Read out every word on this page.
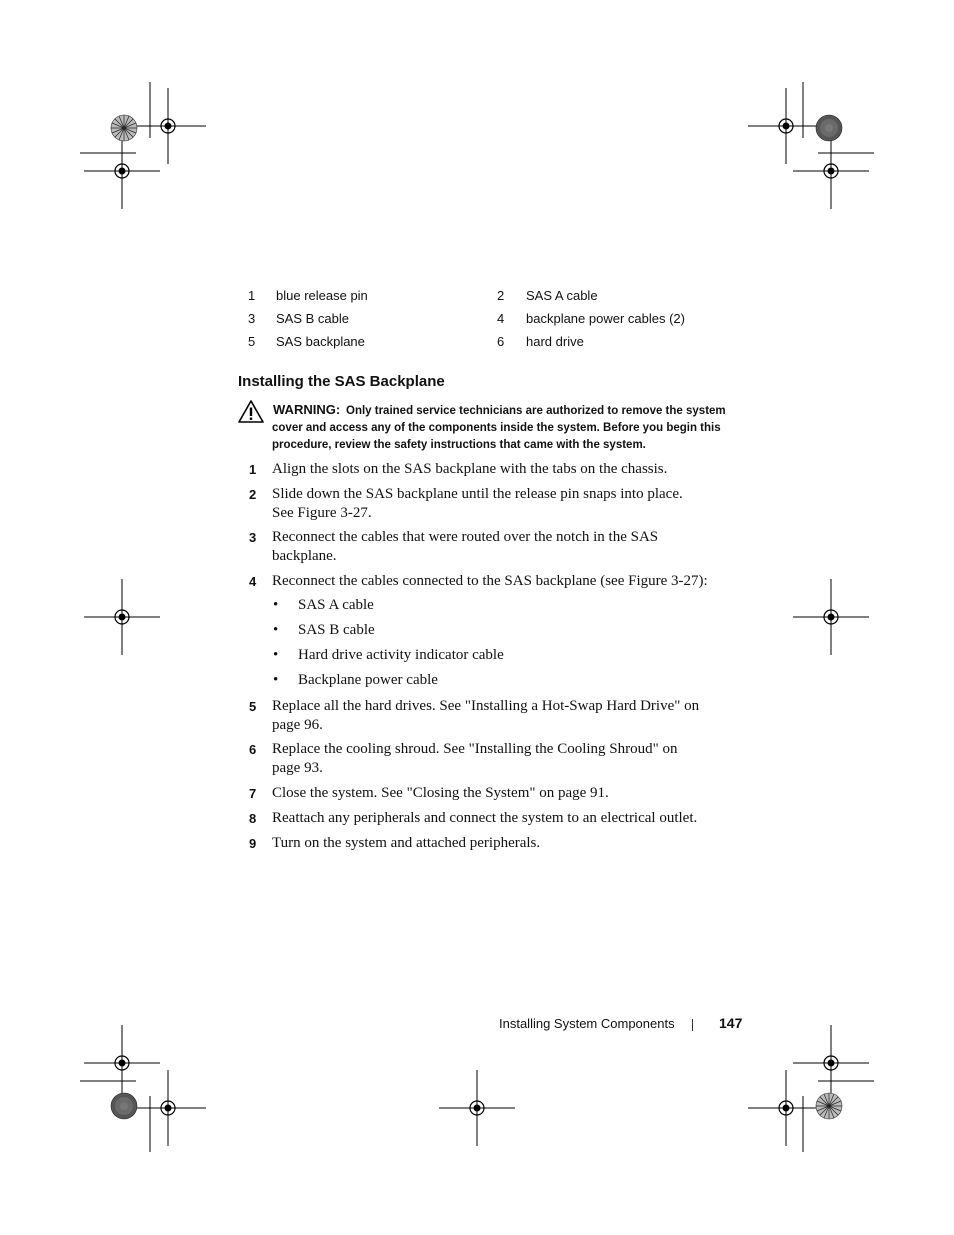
1 blue release pin	2 SAS A cable
3 SAS B cable	4 backplane power cables (2)
5 SAS backplane	6 hard drive
Installing the SAS Backplane
WARNING: Only trained service technicians are authorized to remove the system
cover and access any of the components inside the system. Before you begin this
procedure, review the safety instructions that came with the system.
1 Align the slots on the SAS backplane with the tabs on the chassis.
2 Slide down the SAS backplane until the release pin snaps into place.
See Figure 3-27.
3 Reconnect the cables that were routed over the notch in the SAS
backplane.
4 Reconnect the cables connected to the SAS backplane (see Figure 3-27):
• SAS A cable
• SAS B cable
• Hard drive activity indicator cable
• Backplane power cable
5 Replace all the hard drives. See "Installing a Hot-Swap Hard Drive" on
page 96.
6 Replace the cooling shroud. See "Installing the Cooling Shroud" on
page 93.
7 Close the system. See "Closing the System" on page 91.
8 Reattach any peripherals and connect the system to an electrical outlet.
9 Turn on the system and attached peripherals.
Installing System Components	147
